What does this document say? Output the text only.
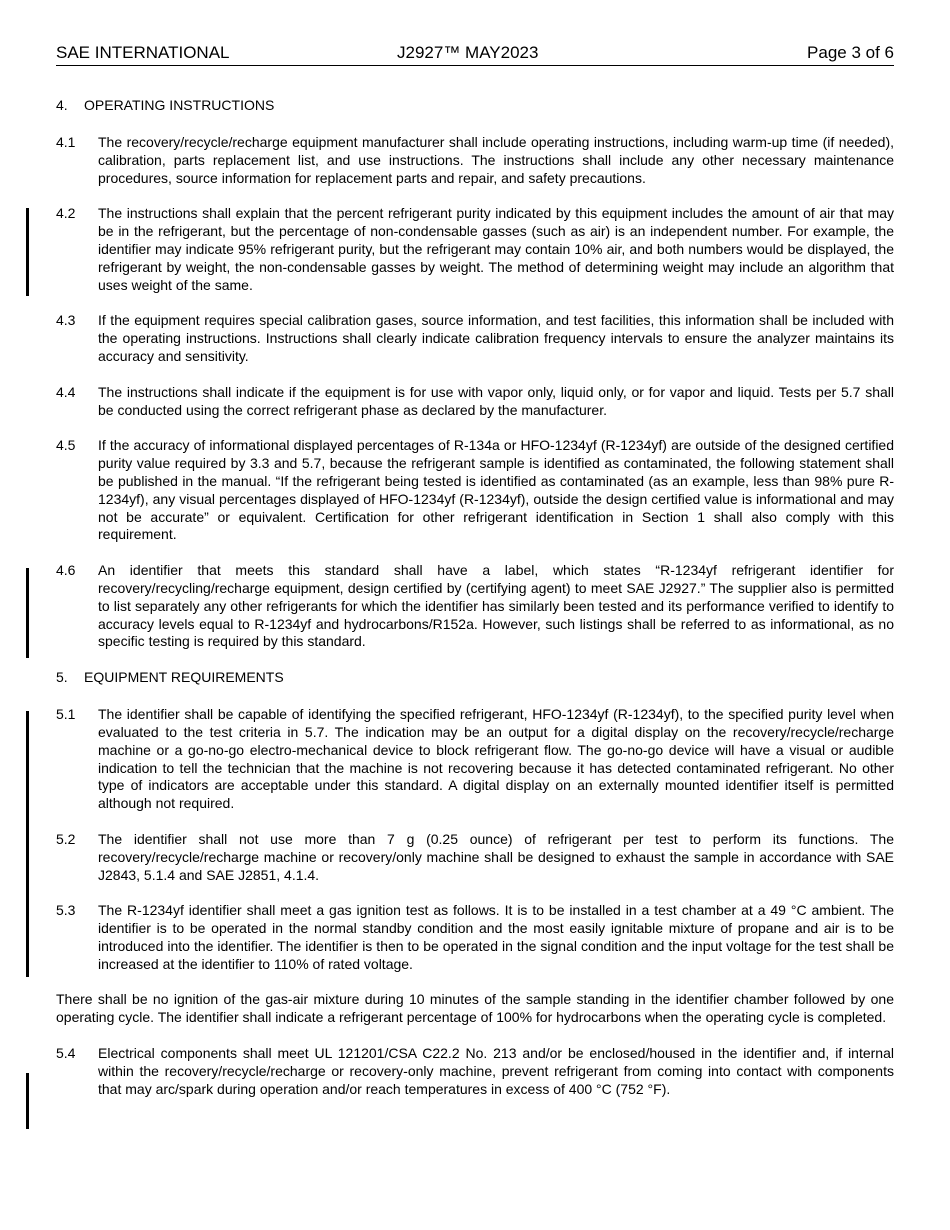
SAE INTERNATIONAL	J2927™ MAY2023	Page 3 of 6
4. OPERATING INSTRUCTIONS
4.1 The recovery/recycle/recharge equipment manufacturer shall include operating instructions, including warm-up time (if needed), calibration, parts replacement list, and use instructions. The instructions shall include any other necessary maintenance procedures, source information for replacement parts and repair, and safety precautions.
4.2 The instructions shall explain that the percent refrigerant purity indicated by this equipment includes the amount of air that may be in the refrigerant, but the percentage of non-condensable gasses (such as air) is an independent number. For example, the identifier may indicate 95% refrigerant purity, but the refrigerant may contain 10% air, and both numbers would be displayed, the refrigerant by weight, the non-condensable gasses by weight. The method of determining weight may include an algorithm that uses weight of the same.
4.3 If the equipment requires special calibration gases, source information, and test facilities, this information shall be included with the operating instructions. Instructions shall clearly indicate calibration frequency intervals to ensure the analyzer maintains its accuracy and sensitivity.
4.4 The instructions shall indicate if the equipment is for use with vapor only, liquid only, or for vapor and liquid. Tests per 5.7 shall be conducted using the correct refrigerant phase as declared by the manufacturer.
4.5 If the accuracy of informational displayed percentages of R-134a or HFO-1234yf (R-1234yf) are outside of the designed certified purity value required by 3.3 and 5.7, because the refrigerant sample is identified as contaminated, the following statement shall be published in the manual. “If the refrigerant being tested is identified as contaminated (as an example, less than 98% pure R-1234yf), any visual percentages displayed of HFO-1234yf (R-1234yf), outside the design certified value is informational and may not be accurate” or equivalent. Certification for other refrigerant identification in Section 1 shall also comply with this requirement.
4.6 An identifier that meets this standard shall have a label, which states “R-1234yf refrigerant identifier for recovery/recycling/recharge equipment, design certified by (certifying agent) to meet SAE J2927.” The supplier also is permitted to list separately any other refrigerants for which the identifier has similarly been tested and its performance verified to identify to accuracy levels equal to R-1234yf and hydrocarbons/R152a. However, such listings shall be referred to as informational, as no specific testing is required by this standard.
5. EQUIPMENT REQUIREMENTS
5.1 The identifier shall be capable of identifying the specified refrigerant, HFO-1234yf (R-1234yf), to the specified purity level when evaluated to the test criteria in 5.7. The indication may be an output for a digital display on the recovery/recycle/recharge machine or a go-no-go electro-mechanical device to block refrigerant flow. The go-no-go device will have a visual or audible indication to tell the technician that the machine is not recovering because it has detected contaminated refrigerant. No other type of indicators are acceptable under this standard. A digital display on an externally mounted identifier itself is permitted although not required.
5.2 The identifier shall not use more than 7 g (0.25 ounce) of refrigerant per test to perform its functions. The recovery/recycle/recharge machine or recovery/only machine shall be designed to exhaust the sample in accordance with SAE J2843, 5.1.4 and SAE J2851, 4.1.4.
5.3 The R-1234yf identifier shall meet a gas ignition test as follows. It is to be installed in a test chamber at a 49 °C ambient. The identifier is to be operated in the normal standby condition and the most easily ignitable mixture of propane and air is to be introduced into the identifier. The identifier is then to be operated in the signal condition and the input voltage for the test shall be increased at the identifier to 110% of rated voltage.
There shall be no ignition of the gas-air mixture during 10 minutes of the sample standing in the identifier chamber followed by one operating cycle. The identifier shall indicate a refrigerant percentage of 100% for hydrocarbons when the operating cycle is completed.
5.4 Electrical components shall meet UL 121201/CSA C22.2 No. 213 and/or be enclosed/housed in the identifier and, if internal within the recovery/recycle/recharge or recovery-only machine, prevent refrigerant from coming into contact with components that may arc/spark during operation and/or reach temperatures in excess of 400 °C (752 °F).
